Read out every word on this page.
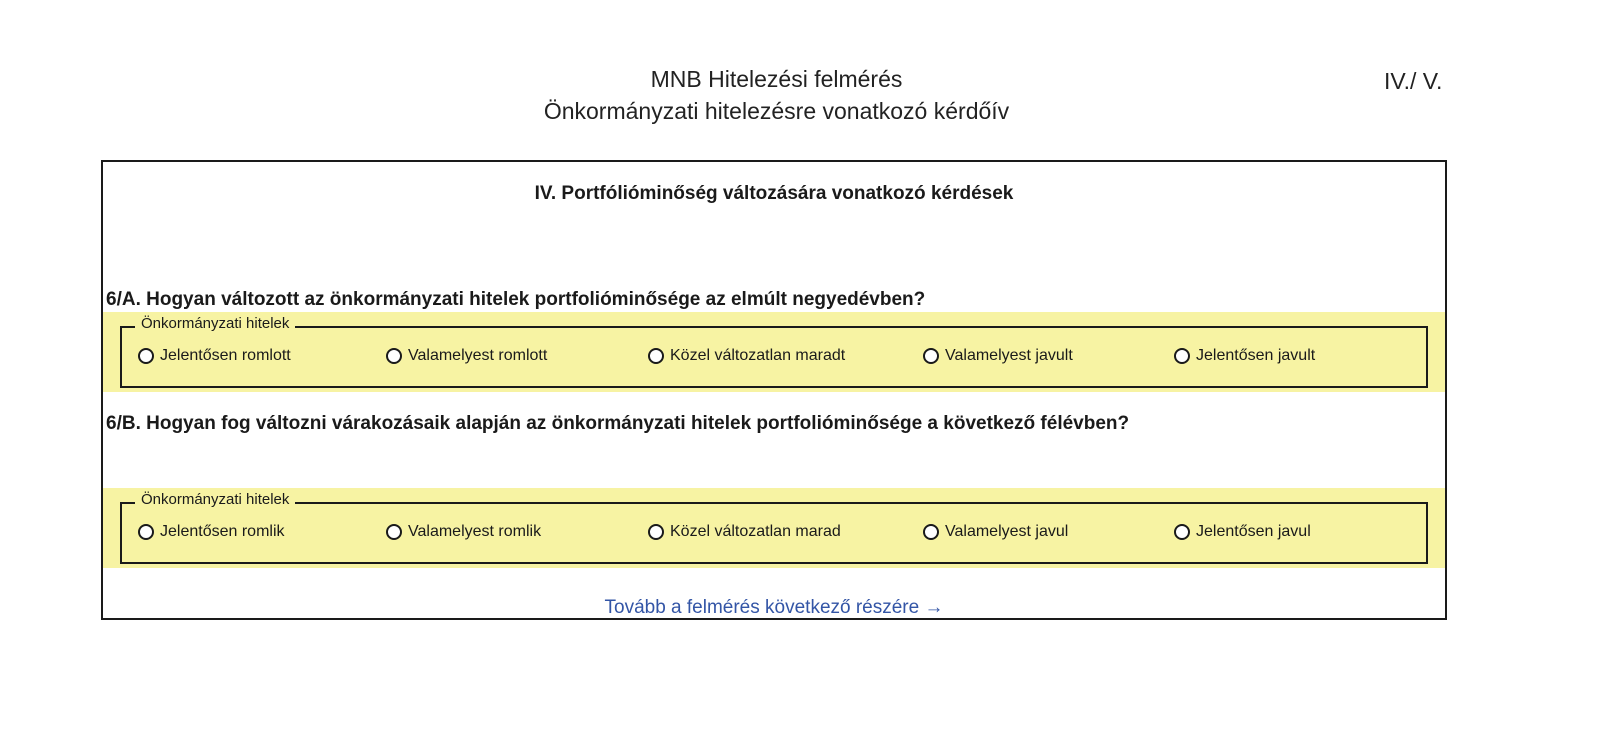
MNB Hitelezési felmérés
Önkormányzati hitelezésre vonatkozó kérdőív
IV./ V.
IV. Portfólióminőség változására vonatkozó kérdések
6/A. Hogyan változott az önkormányzati hitelek portfolióminősége az elmúlt negyedévben?
Önkormányzati hitelek
Jelentősen romlott	Valamelyest romlott	Közel változatlan maradt	Valamelyest javult	Jelentősen javult
6/B. Hogyan fog változni várakozásaik alapján az önkormányzati hitelek portfolióminősége a következő félévben?
Önkormányzati hitelek
Jelentősen romlik	Valamelyest romlik	Közel változatlan marad	Valamelyest javul	Jelentősen javul
Tovább a felmérés következő részére →
